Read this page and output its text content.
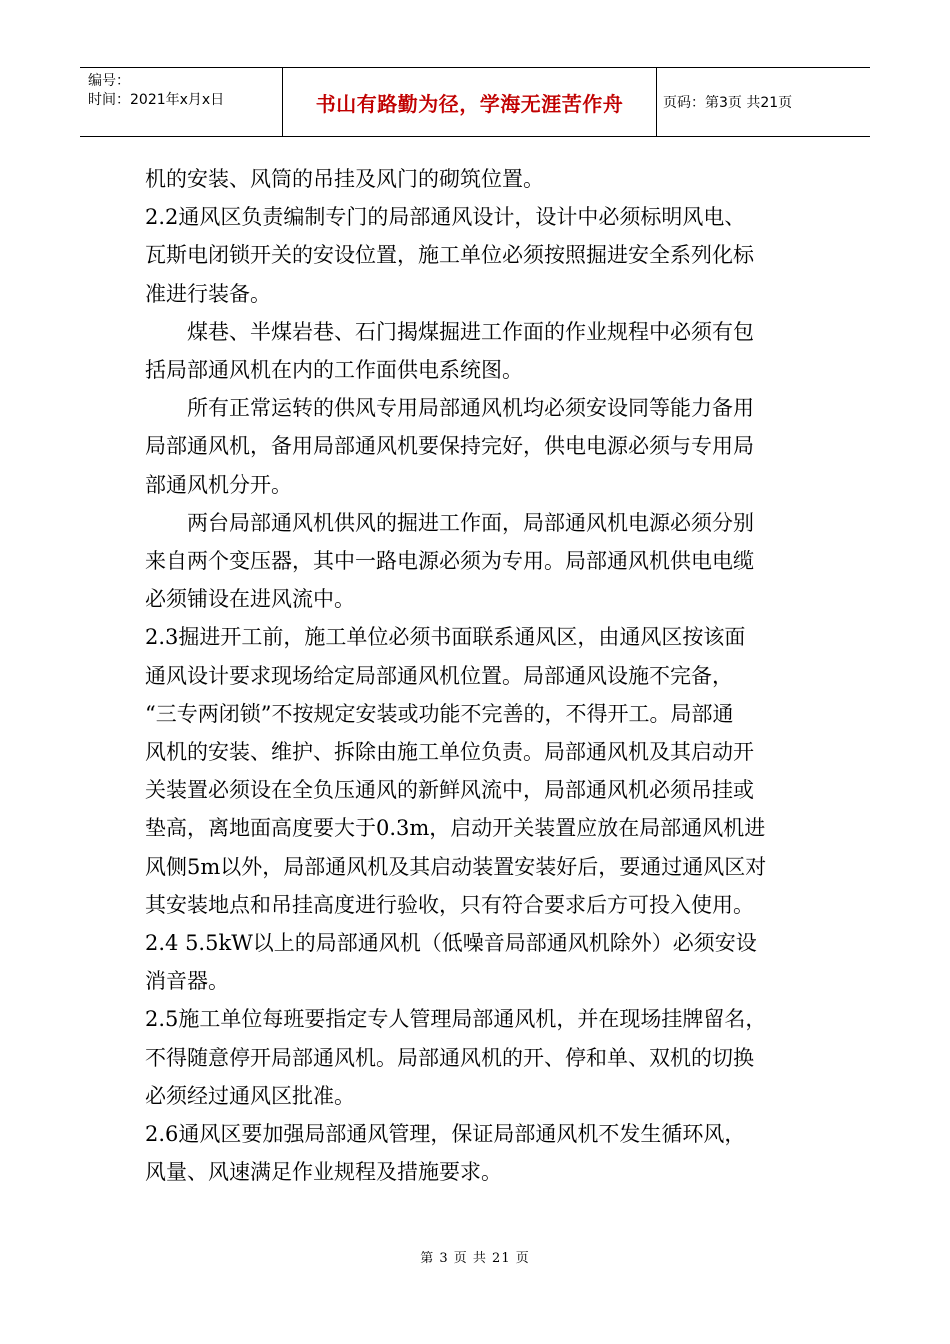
编号：
时间：2021年x月x日	书山有路勤为径，学海无涯苦作舟	页码：第3页 共21页

机的安装、风筒的吊挂及风门的砌筑位置。

2.2通风区负责编制专门的局部通风设计，设计中必须标明风电、

瓦斯电闭锁开关的安设位置，施工单位必须按照掘进安全系列化标

准进行装备。

煤巷、半煤岩巷、石门揭煤掘进工作面的作业规程中必须有包

括局部通风机在内的工作面供电系统图。

所有正常运转的供风专用局部通风机均必须安设同等能力备用

局部通风机，备用局部通风机要保持完好，供电电源必须与专用局

部通风机分开。

两台局部通风机供风的掘进工作面，局部通风机电源必须分别

来自两个变压器，其中一路电源必须为专用。局部通风机供电电缆

必须铺设在进风流中。

2.3掘进开工前，施工单位必须书面联系通风区，由通风区按该面

通风设计要求现场给定局部通风机位置。局部通风设施不完备，

“三专两闭锁”不按规定安装或功能不完善的，不得开工。局部通

风机的安装、维护、拆除由施工单位负责。局部通风机及其启动开

关装置必须设在全负压通风的新鲜风流中，局部通风机必须吊挂或

垫高，离地面高度要大于0.3m，启动开关装置应放在局部通风机进

风侧5m以外，局部通风机及其启动装置安装好后，要通过通风区对

其安装地点和吊挂高度进行验收，只有符合要求后方可投入使用。

2.4 5.5kW以上的局部通风机（低噪音局部通风机除外）必须安设

消音器。

2.5施工单位每班要指定专人管理局部通风机，并在现场挂牌留名，

不得随意停开局部通风机。局部通风机的开、停和单、双机的切换

必须经过通风区批准。

2.6通风区要加强局部通风管理，保证局部通风机不发生循环风，

风量、风速满足作业规程及措施要求。

第 3 页 共 21 页
